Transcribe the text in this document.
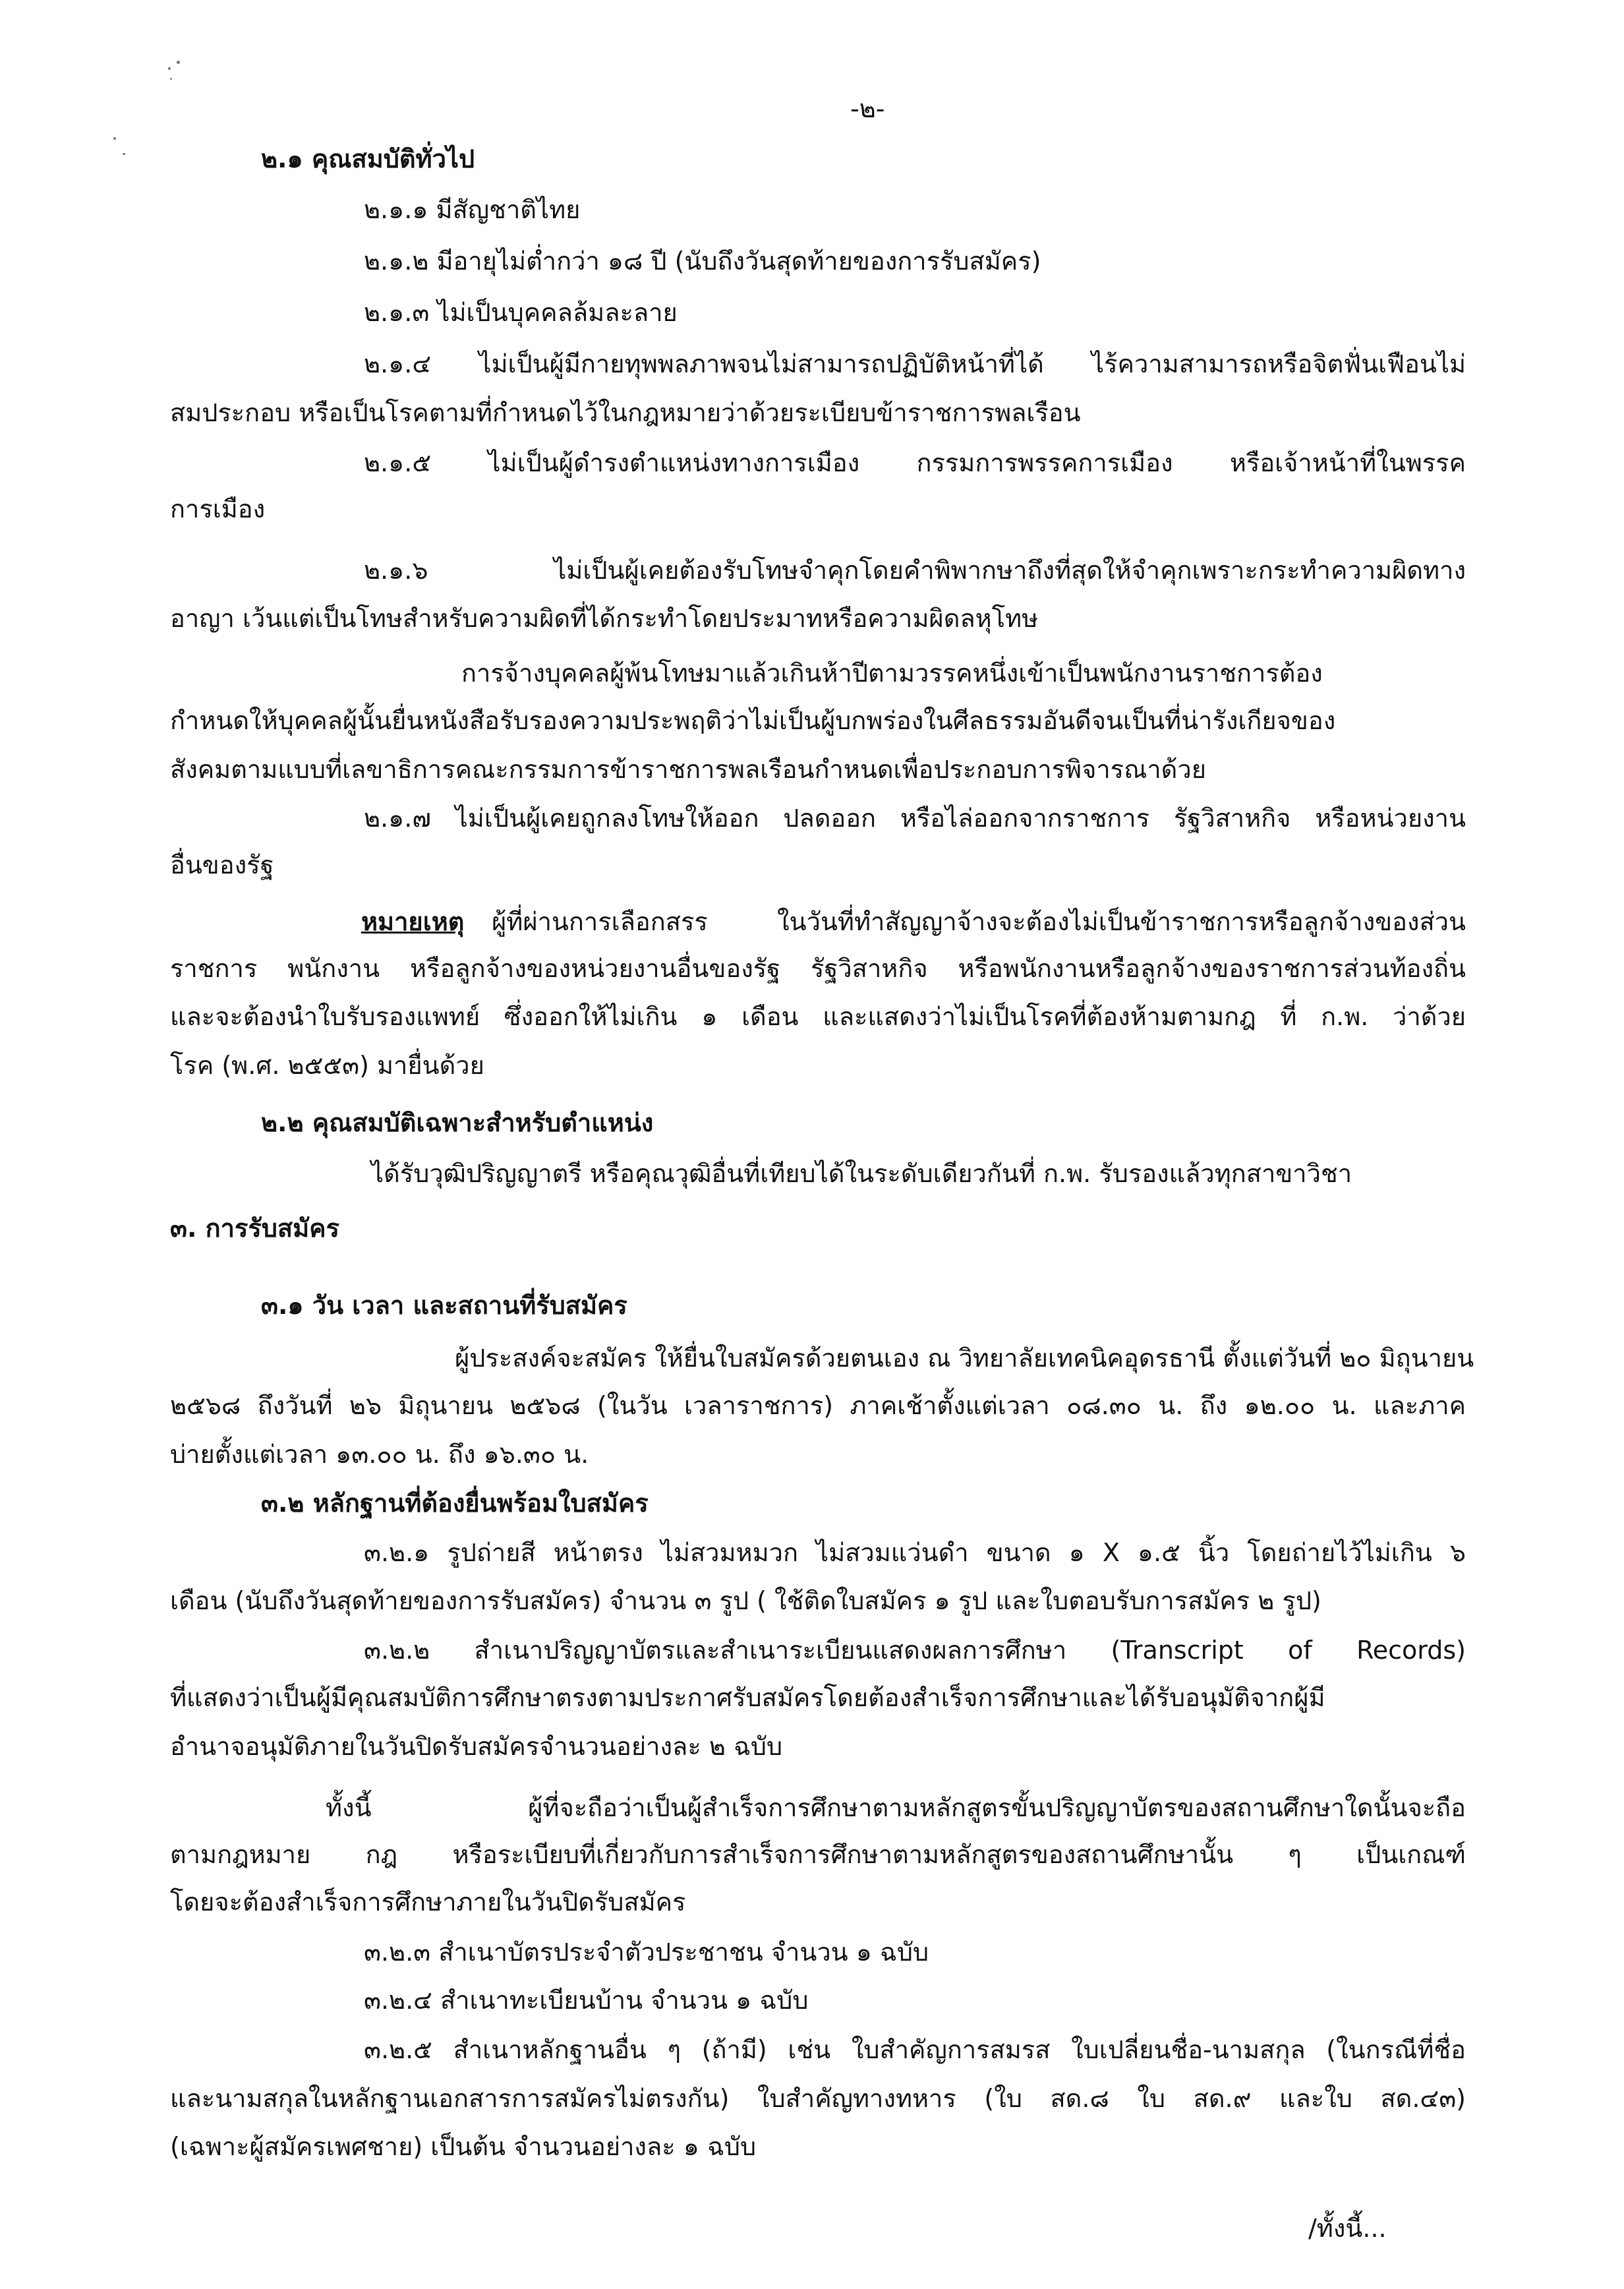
-๒-

๒.๑ คุณสมบัติทั่วไป

๒.๑.๑ มีสัญชาติไทย

๒.๑.๒ มีอายุไม่ต่ำกว่า ๑๘ ปี (นับถึงวันสุดท้ายของการรับสมัคร)

๒.๑.๓ ไม่เป็นบุคคลล้มละลาย

๒.๑.๔ ไม่เป็นผู้มีกายทุพพลภาพจนไม่สามารถปฏิบัติหน้าที่ได้ ไร้ความสามารถหรือจิตฟั่นเฟือนไม่

สมประกอบ หรือเป็นโรคตามที่กำหนดไว้ในกฎหมายว่าด้วยระเบียบข้าราชการพลเรือน

๒.๑.๕ ไม่เป็นผู้ดำรงตำแหน่งทางการเมือง กรรมการพรรคการเมือง หรือเจ้าหน้าที่ในพรรค

การเมือง

๒.๑.๖ ไม่เป็นผู้เคยต้องรับโทษจำคุกโดยคำพิพากษาถึงที่สุดให้จำคุกเพราะกระทำความผิดทาง

อาญา เว้นแต่เป็นโทษสำหรับความผิดที่ได้กระทำโดยประมาทหรือความผิดลหุโทษ

การจ้างบุคคลผู้พ้นโทษมาแล้วเกินห้าปีตามวรรคหนึ่งเข้าเป็นพนักงานราชการต้อง

กำหนดให้บุคคลผู้นั้นยื่นหนังสือรับรองความประพฤติว่าไม่เป็นผู้บกพร่องในศีลธรรมอันดีจนเป็นที่น่ารังเกียจของ

สังคมตามแบบที่เลขาธิการคณะกรรมการข้าราชการพลเรือนกำหนดเพื่อประกอบการพิจารณาด้วย

๒.๑.๗ ไม่เป็นผู้เคยถูกลงโทษให้ออก ปลดออก หรือไล่ออกจากราชการ รัฐวิสาหกิจ หรือหน่วยงาน

อื่นของรัฐ

หมายเหตุ ผู้ที่ผ่านการเลือกสรร ในวันที่ทำสัญญาจ้างจะต้องไม่เป็นข้าราชการหรือลูกจ้างของส่วน

ราชการ พนักงาน หรือลูกจ้างของหน่วยงานอื่นของรัฐ รัฐวิสาหกิจ หรือพนักงานหรือลูกจ้างของราชการส่วนท้องถิ่น

และจะต้องนำใบรับรองแพทย์ ซึ่งออกให้ไม่เกิน ๑ เดือน และแสดงว่าไม่เป็นโรคที่ต้องห้ามตามกฎ ที่ ก.พ. ว่าด้วย

โรค (พ.ศ. ๒๕๕๓) มายื่นด้วย

๒.๒ คุณสมบัติเฉพาะสำหรับตำแหน่ง

ได้รับวุฒิปริญญาตรี หรือคุณวุฒิอื่นที่เทียบได้ในระดับเดียวกันที่ ก.พ. รับรองแล้วทุกสาขาวิชา

๓. การรับสมัคร

๓.๑ วัน เวลา และสถานที่รับสมัคร

ผู้ประสงค์จะสมัคร ให้ยื่นใบสมัครด้วยตนเอง ณ วิทยาลัยเทคนิคอุดรธานี ตั้งแต่วันที่ ๒๐ มิถุนายน

๒๕๖๘ ถึงวันที่ ๒๖ มิถุนายน ๒๕๖๘ (ในวัน เวลาราชการ) ภาคเช้าตั้งแต่เวลา ๐๘.๓๐ น. ถึง ๑๒.๐๐ น. และภาค

บ่ายตั้งแต่เวลา ๑๓.๐๐ น. ถึง ๑๖.๓๐ น.

๓.๒ หลักฐานที่ต้องยื่นพร้อมใบสมัคร

๓.๒.๑ รูปถ่ายสี หน้าตรง ไม่สวมหมวก ไม่สวมแว่นดำ ขนาด ๑ X ๑.๕ นิ้ว โดยถ่ายไว้ไม่เกิน ๖

เดือน (นับถึงวันสุดท้ายของการรับสมัคร) จำนวน ๓ รูป ( ใช้ติดใบสมัคร ๑ รูป และใบตอบรับการสมัคร ๒ รูป)

๓.๒.๒ สำเนาปริญญาบัตรและสำเนาระเบียนแสดงผลการศึกษา (Transcript of Records)

ที่แสดงว่าเป็นผู้มีคุณสมบัติการศึกษาตรงตามประกาศรับสมัครโดยต้องสำเร็จการศึกษาและได้รับอนุมัติจากผู้มี

อำนาจอนุมัติภายในวันปิดรับสมัครจำนวนอย่างละ ๒ ฉบับ

ทั้งนี้ ผู้ที่จะถือว่าเป็นผู้สำเร็จการศึกษาตามหลักสูตรขั้นปริญญาบัตรของสถานศึกษาใดนั้นจะถือ

ตามกฎหมาย กฎ หรือระเบียบที่เกี่ยวกับการสำเร็จการศึกษาตามหลักสูตรของสถานศึกษานั้น ๆ เป็นเกณฑ์

โดยจะต้องสำเร็จการศึกษาภายในวันปิดรับสมัคร

๓.๒.๓ สำเนาบัตรประจำตัวประชาชน จำนวน ๑ ฉบับ

๓.๒.๔ สำเนาทะเบียนบ้าน จำนวน ๑ ฉบับ

๓.๒.๕ สำเนาหลักฐานอื่น ๆ (ถ้ามี) เช่น ใบสำคัญการสมรส ใบเปลี่ยนชื่อ-นามสกุล (ในกรณีที่ชื่อ

และนามสกุลในหลักฐานเอกสารการสมัครไม่ตรงกัน) ใบสำคัญทางทหาร (ใบ สด.๘ ใบ สด.๙ และใบ สด.๔๓)

(เฉพาะผู้สมัครเพศชาย) เป็นต้น จำนวนอย่างละ ๑ ฉบับ

/ทั้งนี้...
